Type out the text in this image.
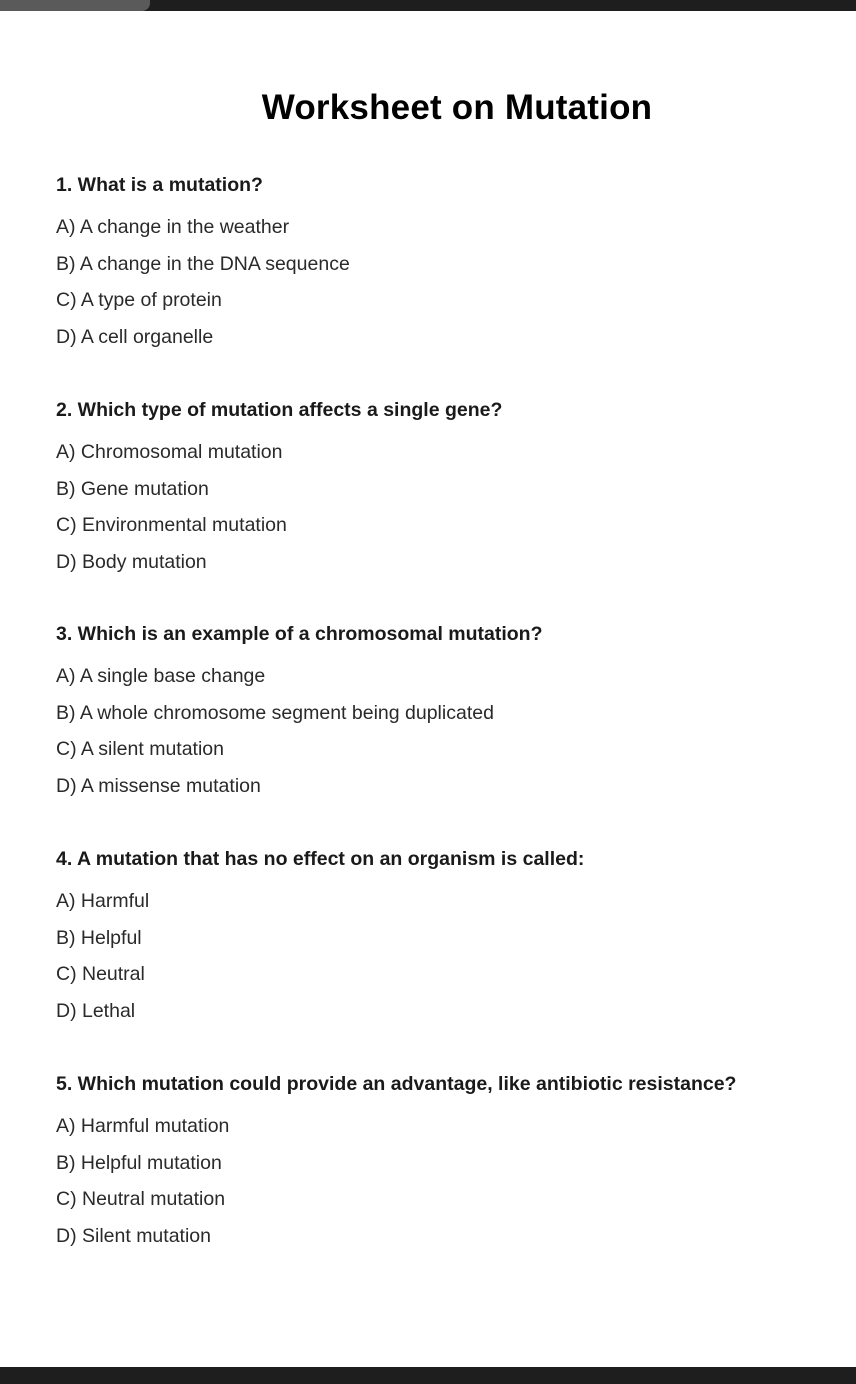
Worksheet on Mutation

1. What is a mutation?

A) A change in the weather
B) A change in the DNA sequence
C) A type of protein
D) A cell organelle

2. Which type of mutation affects a single gene?

A) Chromosomal mutation
B) Gene mutation
C) Environmental mutation
D) Body mutation

3. Which is an example of a chromosomal mutation?

A) A single base change
B) A whole chromosome segment being duplicated
C) A silent mutation
D) A missense mutation

4. A mutation that has no effect on an organism is called:

A) Harmful
B) Helpful
C) Neutral
D) Lethal

5. Which mutation could provide an advantage, like antibiotic resistance?

A) Harmful mutation
B) Helpful mutation
C) Neutral mutation
D) Silent mutation
